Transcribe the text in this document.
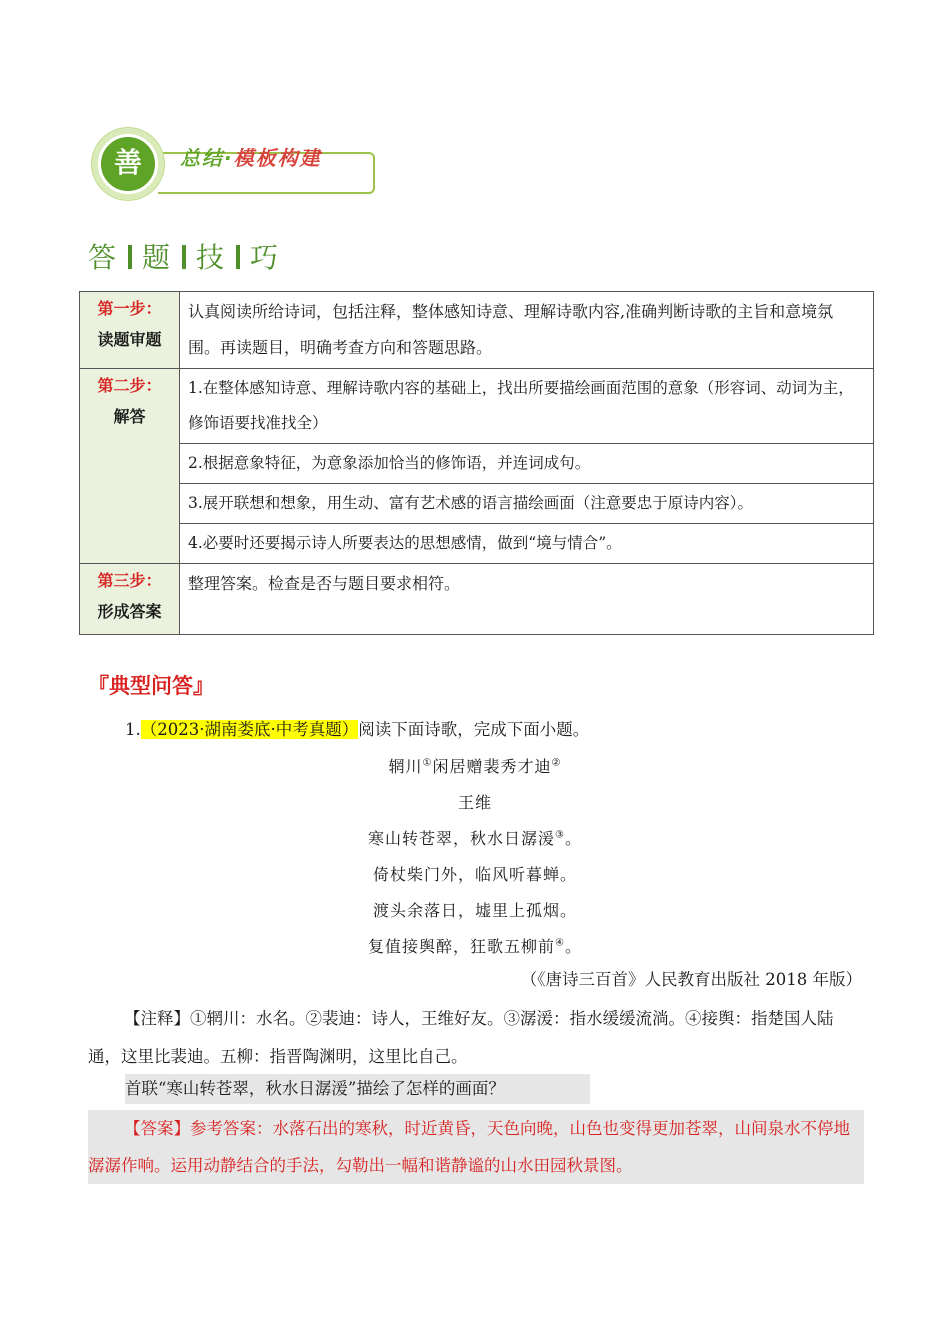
善	总结·模板构建
答 题 技 巧
第一步：
读题审题	认真阅读所给诗词，包括注释，整体感知诗意、理解诗歌内容,准确判断诗歌的主旨和意境氛围。再读题目，明确考查方向和答题思路。

第二步：
解答	1.在整体感知诗意、理解诗歌内容的基础上，找出所要描绘画面范围的意象（形容词、动词为主，修饰语要找准找全）
	2.根据意象特征，为意象添加恰当的修饰语，并连词成句。
	3.展开联想和想象，用生动、富有艺术感的语言描绘画面（注意要忠于原诗内容）。
	4.必要时还要揭示诗人所要表达的思想感情，做到“境与情合”。

第三步：
形成答案	整理答案。检查是否与题目要求相符。
『典型问答』
1.（2023·湖南娄底·中考真题）阅读下面诗歌，完成下面小题。
辋川①闲居赠裴秀才迪②
王维
寒山转苍翠，秋水日潺湲③。
倚杖柴门外，临风听暮蝉。
渡头余落日，墟里上孤烟。
复值接舆醉，狂歌五柳前④。
（《唐诗三百首》人民教育出版社 2018 年版）
【注释】①辋川：水名。②裴迪：诗人，王维好友。③潺湲：指水缓缓流淌。④接舆：指楚国人陆通，这里比裴迪。五柳：指晋陶渊明，这里比自己。
首联“寒山转苍翠，秋水日潺湲”描绘了怎样的画面？
【答案】参考答案：水落石出的寒秋，时近黄昏，天色向晚，山色也变得更加苍翠，山间泉水不停地潺潺作响。运用动静结合的手法，勾勒出一幅和谐静谧的山水田园秋景图。
